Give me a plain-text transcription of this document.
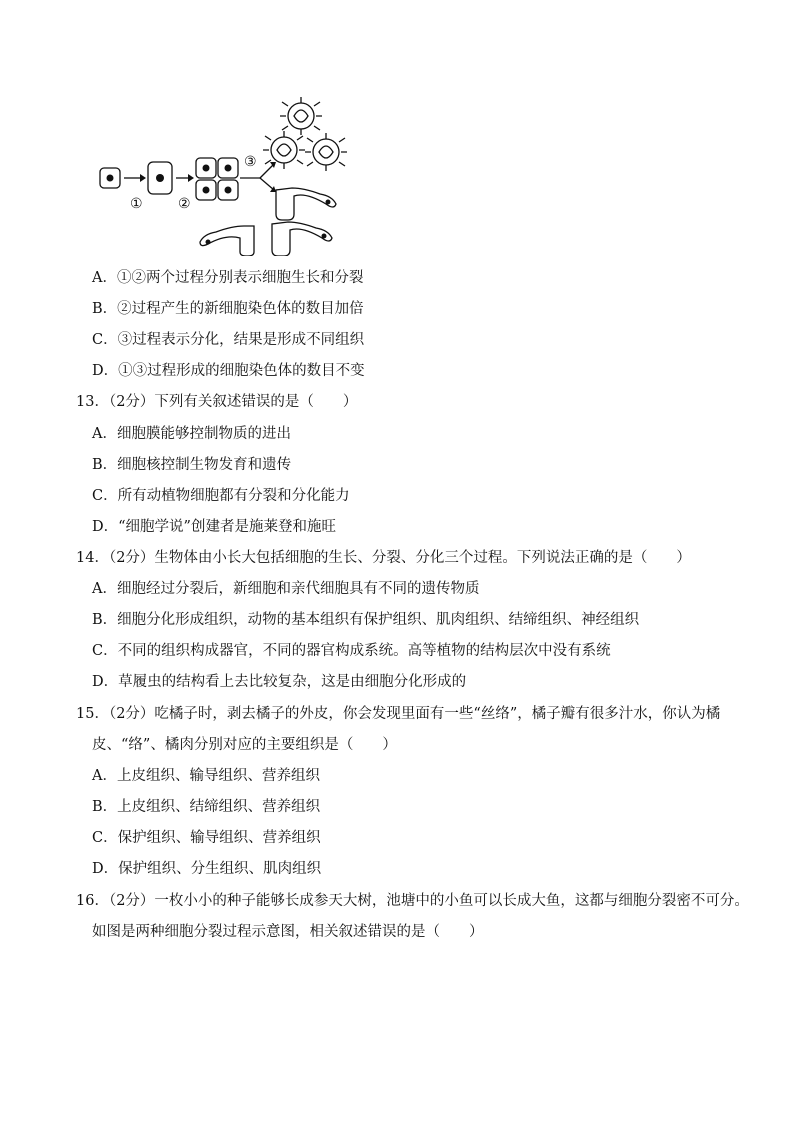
①	②
③
A．①②两个过程分别表示细胞生长和分裂
B．②过程产生的新细胞染色体的数目加倍
C．③过程表示分化，结果是形成不同组织
D．①③过程形成的细胞染色体的数目不变
13．（2分）下列有关叙述错误的是（　　）
A．细胞膜能够控制物质的进出
B．细胞核控制生物发育和遗传
C．所有动植物细胞都有分裂和分化能力
D．“细胞学说”创建者是施莱登和施旺
14．（2分）生物体由小长大包括细胞的生长、分裂、分化三个过程。下列说法正确的是（　　）
A．细胞经过分裂后，新细胞和亲代细胞具有不同的遗传物质
B．细胞分化形成组织，动物的基本组织有保护组织、肌肉组织、结缔组织、神经组织
C．不同的组织构成器官，不同的器官构成系统。高等植物的结构层次中没有系统
D．草履虫的结构看上去比较复杂，这是由细胞分化形成的
15．（2分）吃橘子时，剥去橘子的外皮，你会发现里面有一些“丝络”，橘子瓣有很多汁水，你认为橘
皮、“络”、橘肉分别对应的主要组织是（　　）
A．上皮组织、输导组织、营养组织
B．上皮组织、结缔组织、营养组织
C．保护组织、输导组织、营养组织
D．保护组织、分生组织、肌肉组织
16．（2分）一枚小小的种子能够长成参天大树，池塘中的小鱼可以长成大鱼，这都与细胞分裂密不可分。
如图是两种细胞分裂过程示意图，相关叙述错误的是（　　）
